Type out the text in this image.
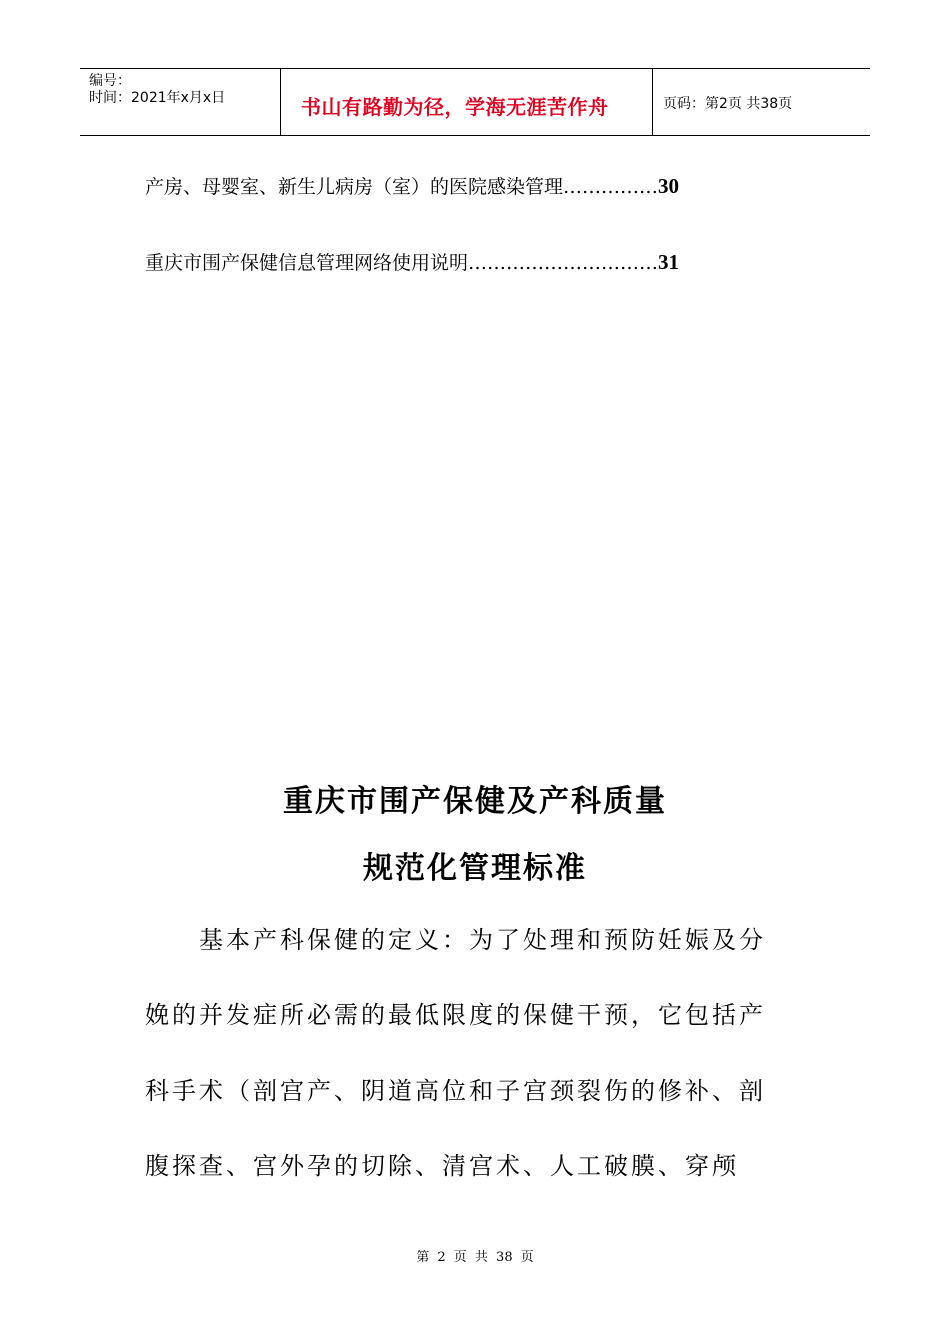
编号：
时间：2021年x月x日	书山有路勤为径，学海无涯苦作舟	页码：第2页 共38页
产房、母婴室、新生儿病房（室）的医院感染管理……………30
重庆市围产保健信息管理网络使用说明…………………………31
重庆市围产保健及产科质量
规范化管理标准
　　基本产科保健的定义：为了处理和预防妊娠及分
娩的并发症所必需的最低限度的保健干预，它包括产
科手术（剖宫产、阴道高位和子宫颈裂伤的修补、剖
腹探查、宫外孕的切除、清宫术、人工破膜、穿颅
第 2 页 共 38 页
